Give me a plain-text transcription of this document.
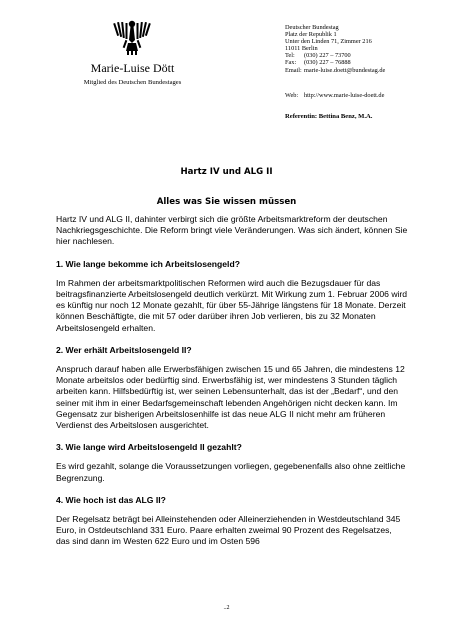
Marie-Luise Dött
Mitglied des Deutschen Bundestages
Deutscher Bundestag
Platz der Republik 1
Unter den Linden 71, Zimmer 216
11011 Berlin
Tel: (030) 227 – 73700
Fax: (030) 227 – 76888
Email: marie-luise.doett@bundestag.de
Web: http://www.marie-luise-doett.de
Referentin: Bettina Benz, M.A.
Hartz IV und ALG II
Alles was Sie wissen müssen

Hartz IV und ALG II, dahinter verbirgt sich die größte Arbeitsmarktreform der deutschen Nachkriegsgeschichte. Die Reform bringt viele Veränderungen. Was sich ändert, können Sie hier nachlesen.

1. Wie lange bekomme ich Arbeitslosengeld?

Im Rahmen der arbeitsmarktpolitischen Reformen wird auch die Bezugsdauer für das beitragsfinanzierte Arbeitslosengeld deutlich verkürzt. Mit Wirkung zum 1. Februar 2006 wird es künftig nur noch 12 Monate gezahlt, für über 55-Jährige längstens für 18 Monate. Derzeit können Beschäftigte, die mit 57 oder darüber ihren Job verlieren, bis zu 32 Monaten Arbeitslosengeld erhalten.

2. Wer erhält Arbeitslosengeld II?

Anspruch darauf haben alle Erwerbsfähigen zwischen 15 und 65 Jahren, die mindestens 12 Monate arbeitslos oder bedürftig sind. Erwerbsfähig ist, wer mindestens 3 Stunden täglich arbeiten kann. Hilfsbedürftig ist, wer seinen Lebensunterhalt, das ist der „Bedarf“, und den seiner mit ihm in einer Bedarfsgemeinschaft lebenden Angehörigen nicht decken kann. Im Gegensatz zur bisherigen Arbeitslosenhilfe ist das neue ALG II nicht mehr am früheren Verdienst des Arbeitslosen ausgerichtet.

3. Wie lange wird Arbeitslosengeld II gezahlt?

Es wird gezahlt, solange die Voraussetzungen vorliegen, gegebenenfalls also ohne zeitliche Begrenzung.

4. Wie hoch ist das ALG II?

Der Regelsatz beträgt bei Alleinstehenden oder Alleinerziehenden in Westdeutschland 345 Euro, in Ostdeutschland 331 Euro. Paare erhalten zweimal 90 Prozent des Regelsatzes, das sind dann im Westen 622 Euro und im Osten 596

..2
